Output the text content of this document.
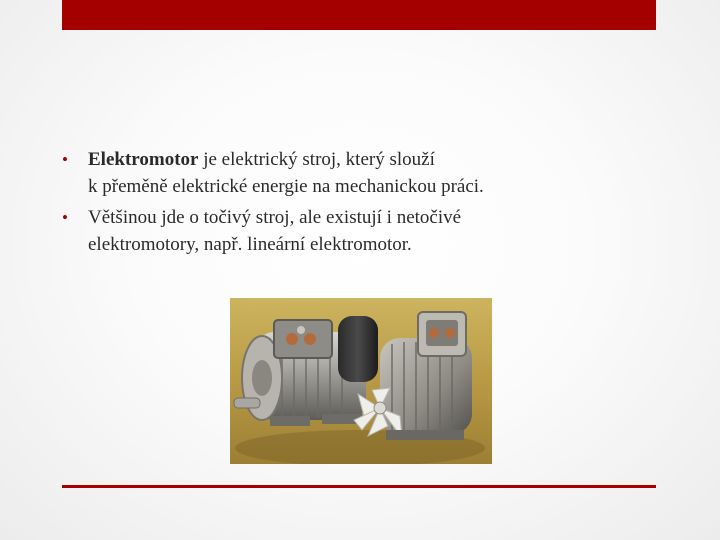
• Elektromotor je elektrický stroj, který slouží
k přeměně elektrické energie na mechanickou práci.
• Většinou jde o točivý stroj, ale existují i netočivé
elektromotory, např. lineární elektromotor.
